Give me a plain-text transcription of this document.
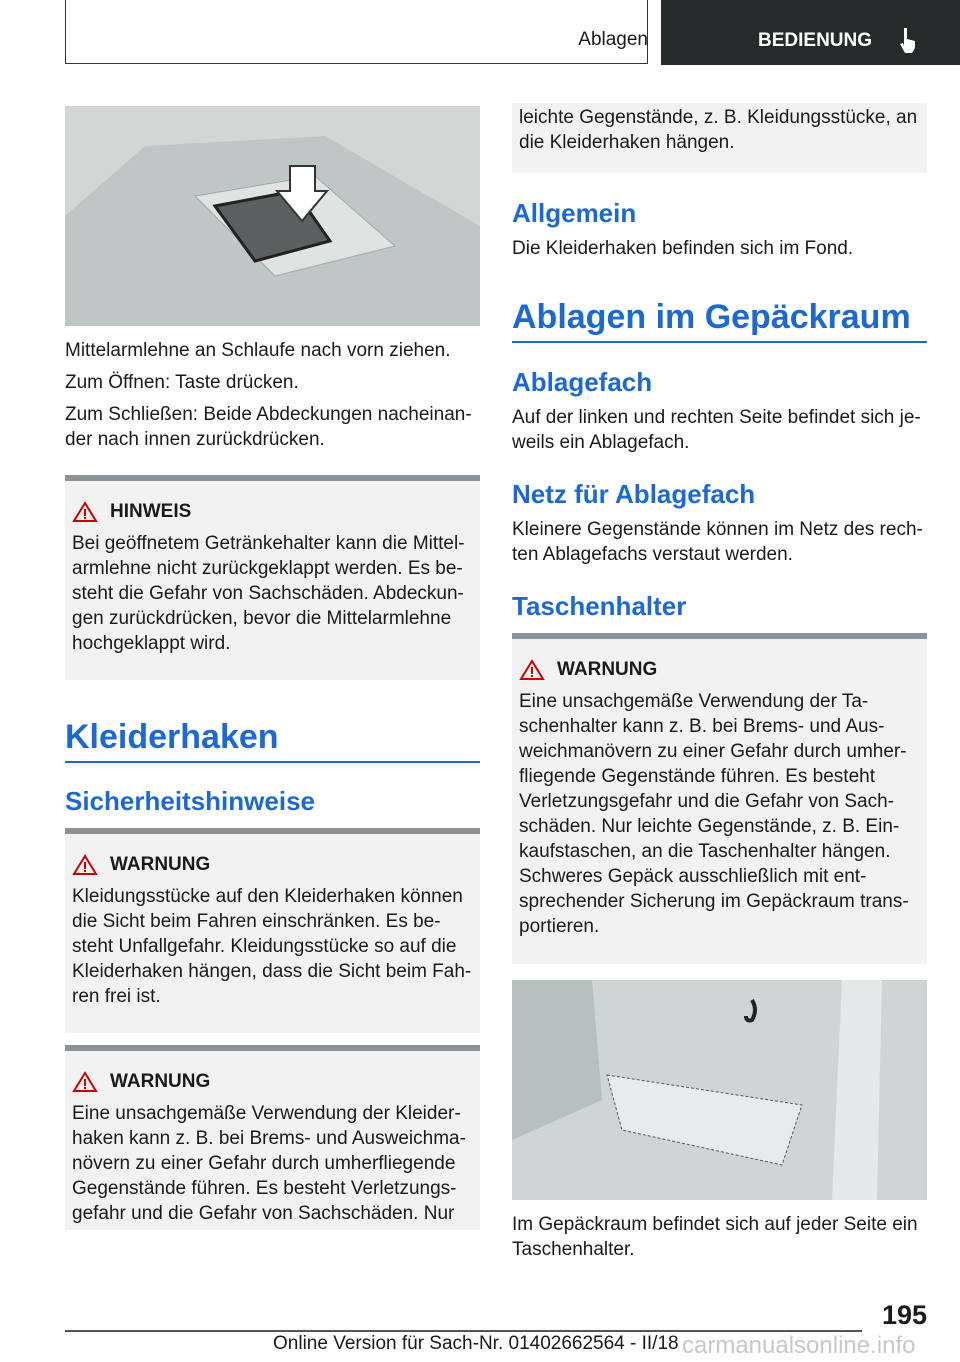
Ablagen	BEDIENUNG

Mittelarmlehne an Schlaufe nach vorn ziehen.

Zum Öffnen: Taste drücken.

Zum Schließen: Beide Abdeckungen nacheinan-der nach innen zurückdrücken.

HINWEIS

Bei geöffnetem Getränkehalter kann die Mittel-armlehne nicht zurückgeklappt werden. Es be-steht die Gefahr von Sachschäden. Abdeckun-gen zurückdrücken, bevor die Mittelarmlehne hochgeklappt wird.

Kleiderhaken
Sicherheitshinweise
WARNUNG

Kleidungsstücke auf den Kleiderhaken können die Sicht beim Fahren einschränken. Es be-steht Unfallgefahr. Kleidungsstücke so auf die Kleiderhaken hängen, dass die Sicht beim Fah-ren frei ist.

WARNUNG

Eine unsachgemäße Verwendung der Kleider-haken kann z. B. bei Brems- und Ausweichma-növern zu einer Gefahr durch umherfliegende Gegenstände führen. Es besteht Verletzungs-gefahr und die Gefahr von Sachschäden. Nur

leichte Gegenstände, z. B. Kleidungsstücke, an die Kleiderhaken hängen.

Allgemein

Die Kleiderhaken befinden sich im Fond.

Ablagen im Gepäckraum
Ablagefach

Auf der linken und rechten Seite befindet sich je-weils ein Ablagefach.

Netz für Ablagefach

Kleinere Gegenstände können im Netz des rech-ten Ablagefachs verstaut werden.

Taschenhalter
WARNUNG

Eine unsachgemäße Verwendung der Ta-schenhalter kann z. B. bei Brems- und Aus-weichmanövern zu einer Gefahr durch umher-fliegende Gegenstände führen. Es besteht Verletzungsgefahr und die Gefahr von Sach-schäden. Nur leichte Gegenstände, z. B. Ein-kaufstaschen, an die Taschenhalter hängen. Schweres Gepäck ausschließlich mit ent-sprechender Sicherung im Gepäckraum trans-portieren.

Im Gepäckraum befindet sich auf jeder Seite ein Taschenhalter.

195
Online Version für Sach-Nr. 01402662564 - II/18 carmanualsonline.info
